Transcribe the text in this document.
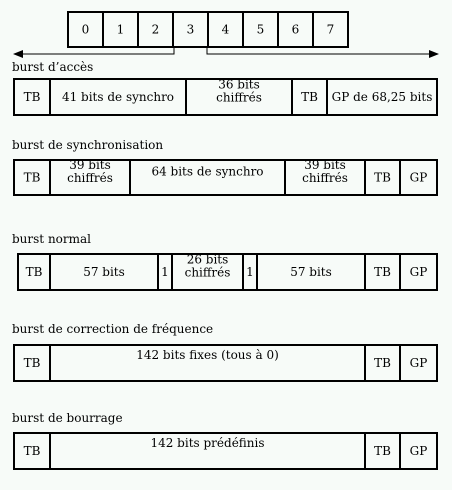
0 1 2 3 4 5 6 7
burst d’accès
TB 41 bits de synchro
36 bits
chiffrés	TB GP de 68,25 bits
burst de synchronisation
TB
39 bits
chiffrés	64 bits de synchro	39 bits
chiffrés TB GP
burst normal
TB	57 bits	1
26 bits
chiffrés 1	57 bits	TB GP
burst de correction de fréquence
TB
142 bits fixes (tous à 0)
TB GP
burst de bourrage
TB
142 bits prédéfinis
TB GP
